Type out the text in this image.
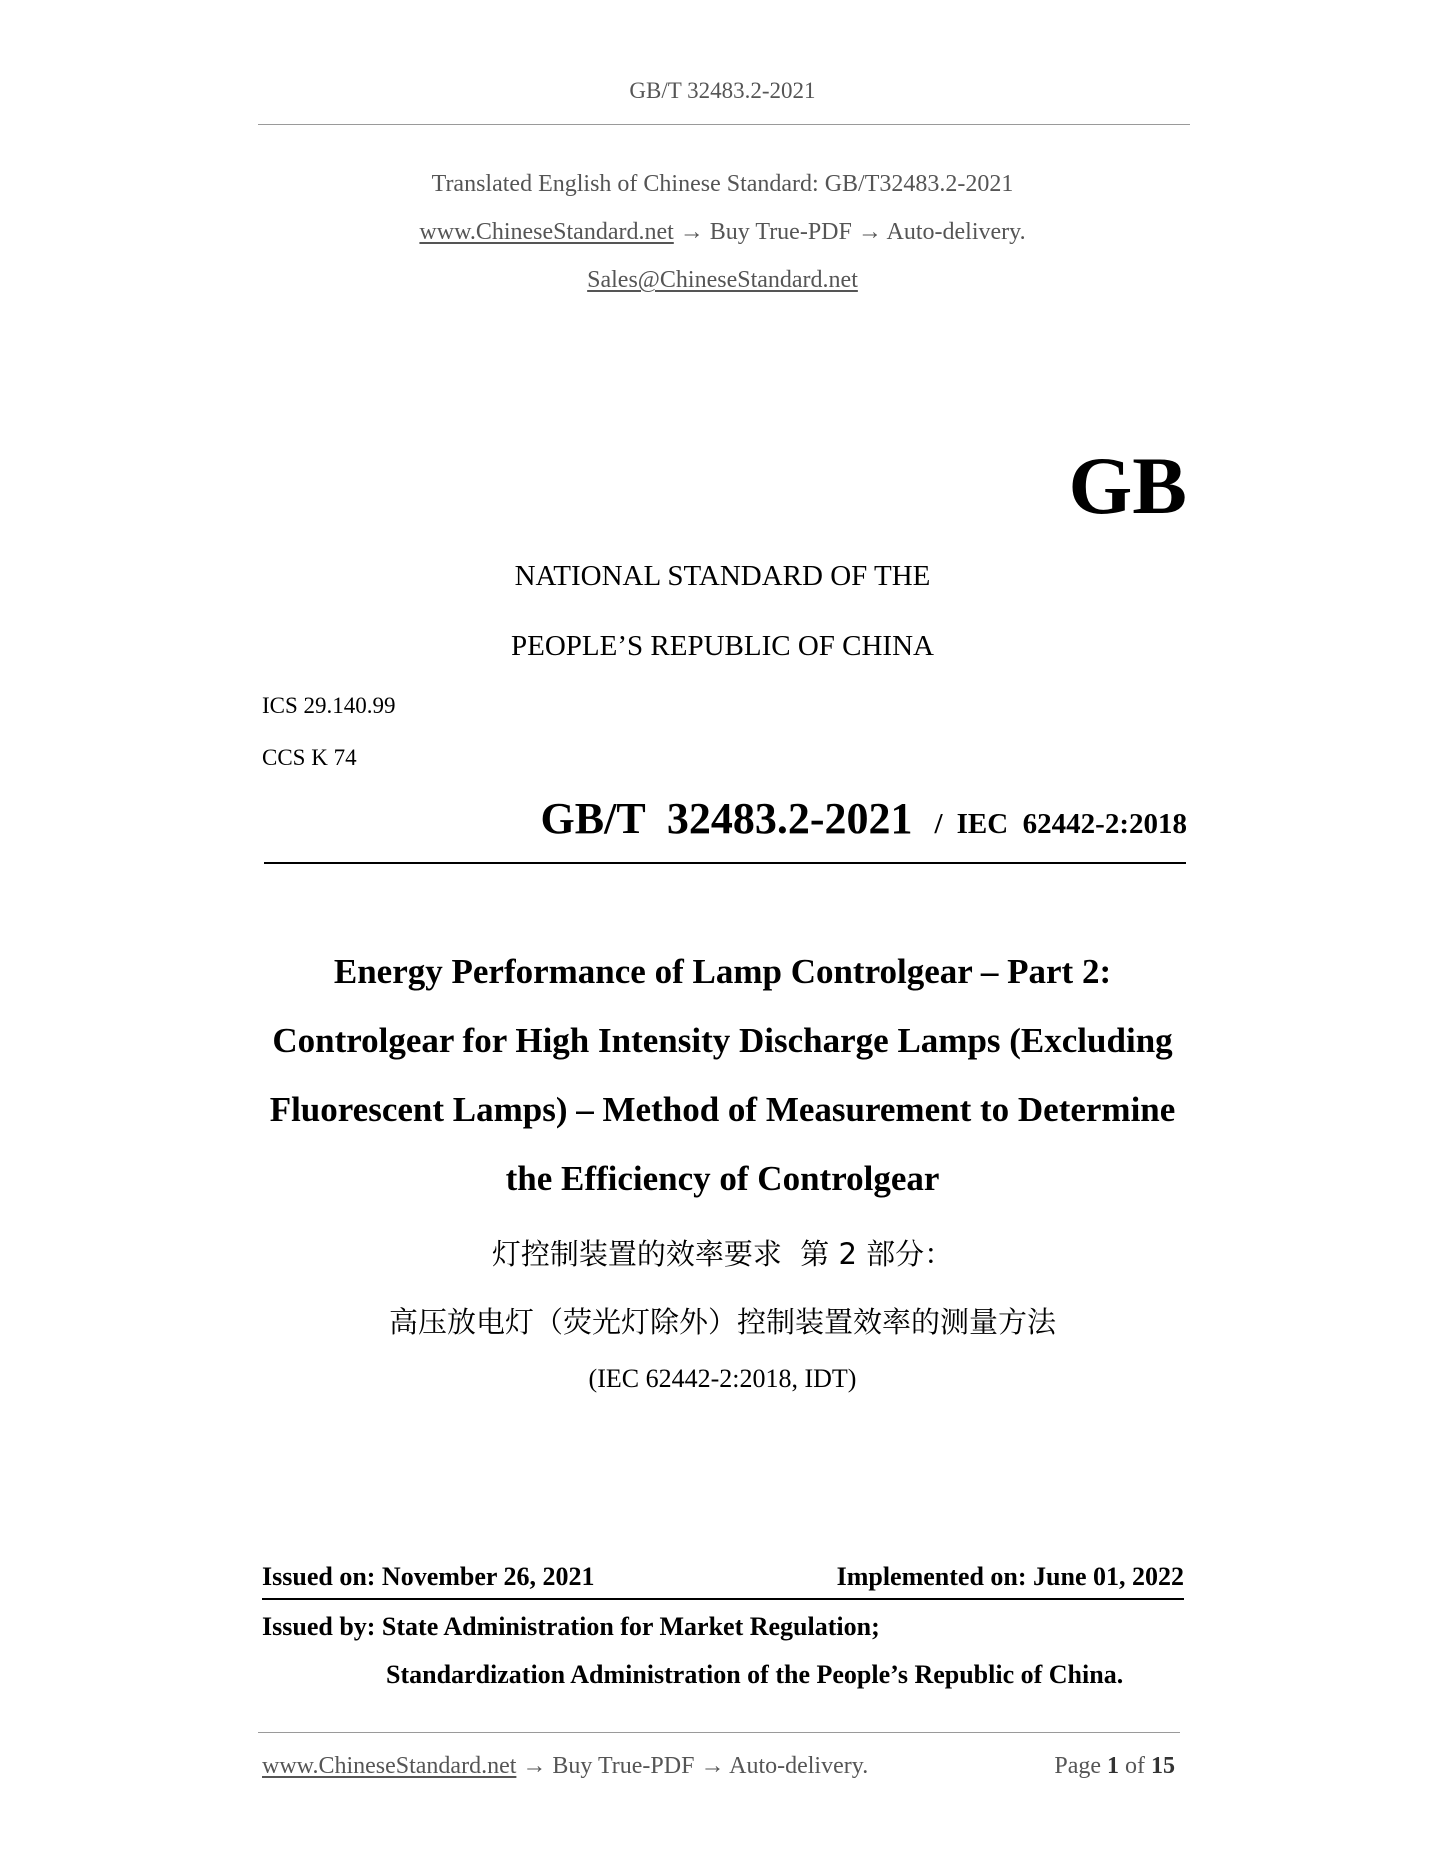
GB/T 32483.2-2021
Translated English of Chinese Standard: GB/T32483.2-2021
www.ChineseStandard.net → Buy True-PDF → Auto-delivery.
Sales@ChineseStandard.net
GB
NATIONAL STANDARD OF THE
PEOPLE’S REPUBLIC OF CHINA
ICS 29.140.99
CCS K 74
GB/T  32483.2-2021 / IEC  62442-2:2018
Energy Performance of Lamp Controlgear – Part 2:
Controlgear for High Intensity Discharge Lamps (Excluding
Fluorescent Lamps) – Method of Measurement to Determine
the Efficiency of Controlgear
灯控制装置的效率要求  第 2 部分：
高压放电灯（荧光灯除外）控制装置效率的测量方法
(IEC 62442-2:2018, IDT)
Issued on: November 26, 2021	Implemented on: June 01, 2022
Issued by: State Administration for Market Regulation;
Standardization Administration of the People’s Republic of China.
www.ChineseStandard.net → Buy True-PDF → Auto-delivery.	Page 1 of 15
